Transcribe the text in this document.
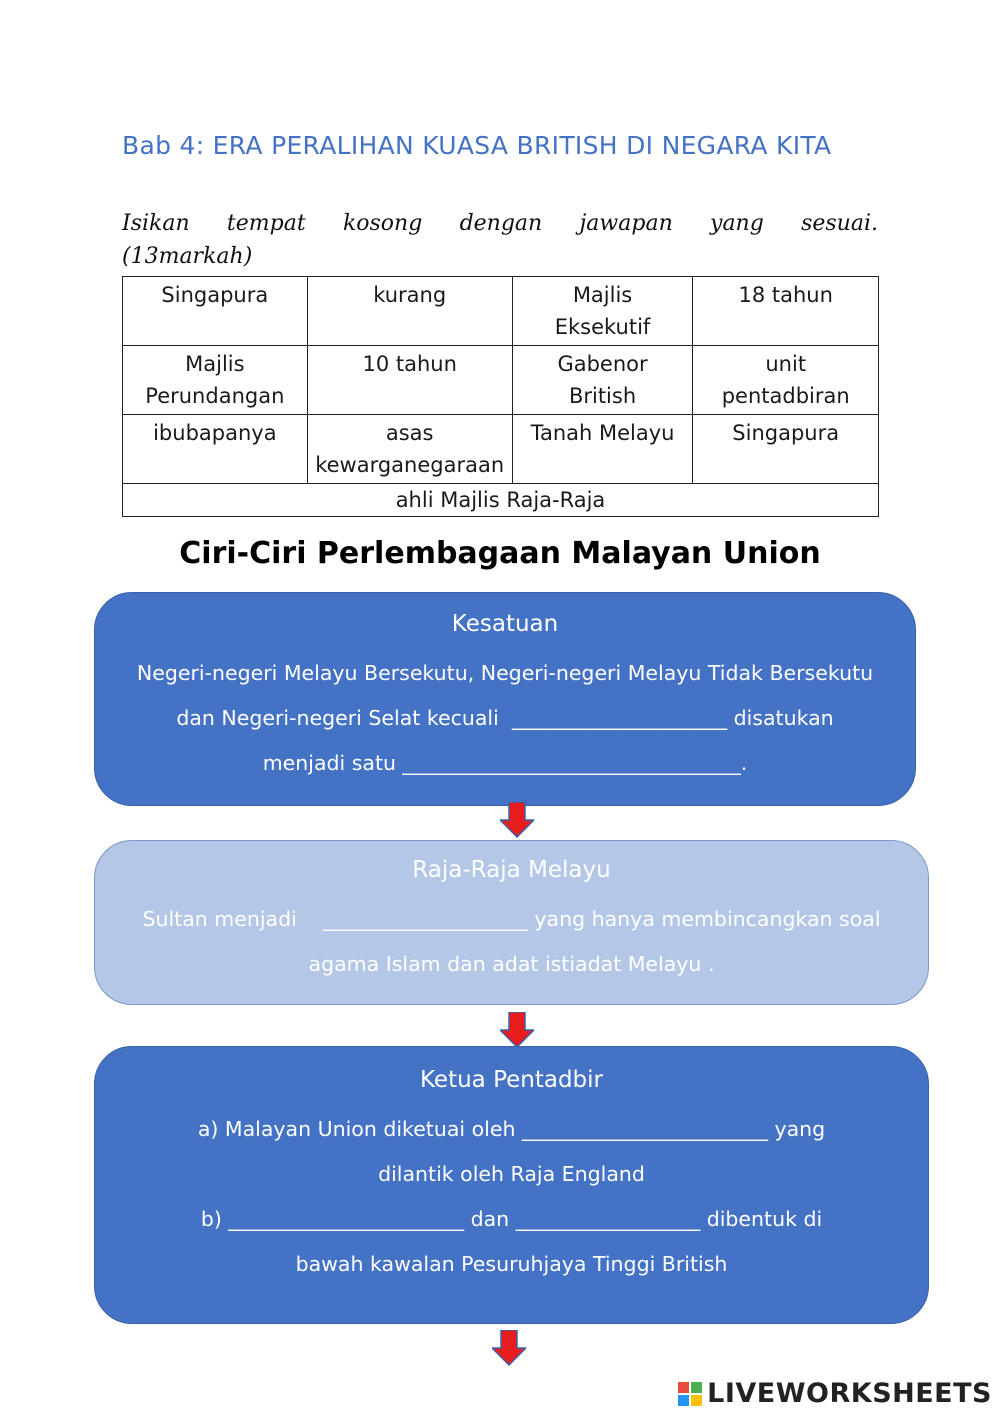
Bab 4: ERA PERALIHAN KUASA BRITISH DI NEGARA KITA
Isikan tempat kosong dengan jawapan yang sesuai.
(13markah)
Singapura	kurang	Majlis Eksekutif	18 tahun
Majlis Perundangan	10 tahun	Gabenor British	unit pentadbiran
ibubapanya	asas kewarganegaraan	Tanah Melayu	Singapura
ahli Majlis Raja-Raja			
Ciri-Ciri Perlembagaan Malayan Union
Kesatuan
Negeri-negeri Melayu Bersekutu, Negeri-negeri Melayu Tidak Bersekutu
dan Negeri-negeri Selat kecuali  _____________________ disatukan
menjadi satu _________________________________.
Raja-Raja Melayu
Sultan menjadi    ____________________ yang hanya membincangkan soal
agama Islam dan adat istiadat Melayu .
Ketua Pentadbir
a) Malayan Union diketuai oleh ________________________ yang
dilantik oleh Raja England
b) _______________________ dan __________________ dibentuk di
bawah kawalan Pesuruhjaya Tinggi British
LIVEWORKSHEETS
